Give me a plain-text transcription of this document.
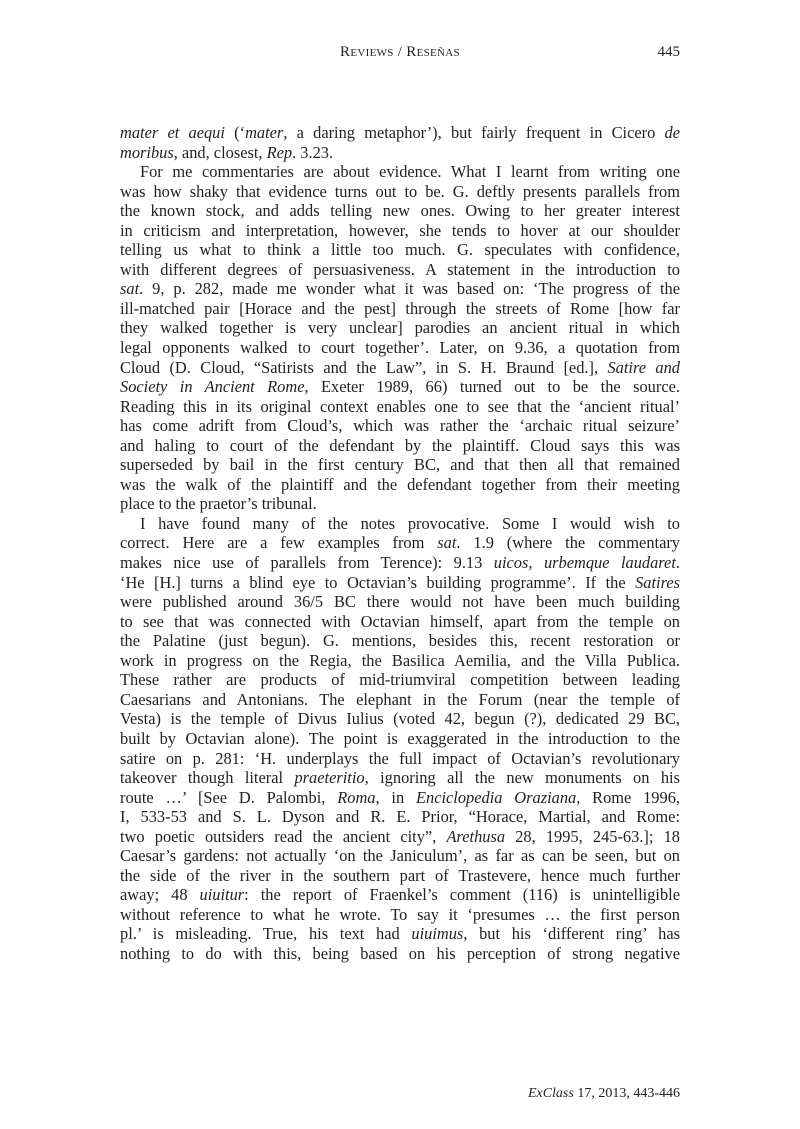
Reviews / Reseñas	445
mater et aequi (‘mater, a daring metaphor’), but fairly frequent in Cicero de
moribus, and, closest, Rep. 3.23.
For me commentaries are about evidence. What I learnt from writing one
was how shaky that evidence turns out to be. G. deftly presents parallels from
the known stock, and adds telling new ones. Owing to her greater interest
in criticism and interpretation, however, she tends to hover at our shoulder
telling us what to think a little too much. G. speculates with confidence,
with different degrees of persuasiveness. A statement in the introduction to
sat. 9, p. 282, made me wonder what it was based on: ‘The progress of the
ill-matched pair [Horace and the pest] through the streets of Rome [how far
they walked together is very unclear] parodies an ancient ritual in which
legal opponents walked to court together’. Later, on 9.36, a quotation from
Cloud (D. Cloud, “Satirists and the Law”, in S. H. Braund [ed.], Satire and
Society in Ancient Rome, Exeter 1989, 66) turned out to be the source.
Reading this in its original context enables one to see that the ‘ancient ritual’
has come adrift from Cloud’s, which was rather the ‘archaic ritual seizure’
and haling to court of the defendant by the plaintiff. Cloud says this was
superseded by bail in the first century BC, and that then all that remained
was the walk of the plaintiff and the defendant together from their meeting
place to the praetor’s tribunal.
I have found many of the notes provocative. Some I would wish to
correct. Here are a few examples from sat. 1.9 (where the commentary
makes nice use of parallels from Terence): 9.13 uicos, urbemque laudaret.
‘He [H.] turns a blind eye to Octavian’s building programme’. If the Satires
were published around 36/5 BC there would not have been much building
to see that was connected with Octavian himself, apart from the temple on
the Palatine (just begun). G. mentions, besides this, recent restoration or
work in progress on the Regia, the Basilica Aemilia, and the Villa Publica.
These rather are products of mid-triumviral competition between leading
Caesarians and Antonians. The elephant in the Forum (near the temple of
Vesta) is the temple of Divus Iulius (voted 42, begun (?), dedicated 29 BC,
built by Octavian alone). The point is exaggerated in the introduction to the
satire on p. 281: ‘H. underplays the full impact of Octavian’s revolutionary
takeover though literal praeteritio, ignoring all the new monuments on his
route …’ [See D. Palombi, Roma, in Enciclopedia Oraziana, Rome 1996,
I, 533-53 and S. L. Dyson and R. E. Prior, “Horace, Martial, and Rome:
two poetic outsiders read the ancient city”, Arethusa 28, 1995, 245-63.]; 18
Caesar’s gardens: not actually ‘on the Janiculum’, as far as can be seen, but on
the side of the river in the southern part of Trastevere, hence much further
away; 48 uiuitur: the report of Fraenkel’s comment (116) is unintelligible
without reference to what he wrote. To say it ‘presumes … the first person
pl.’ is misleading. True, his text had uiuimus, but his ‘different ring’ has
nothing to do with this, being based on his perception of strong negative
ExClass 17, 2013, 443-446
